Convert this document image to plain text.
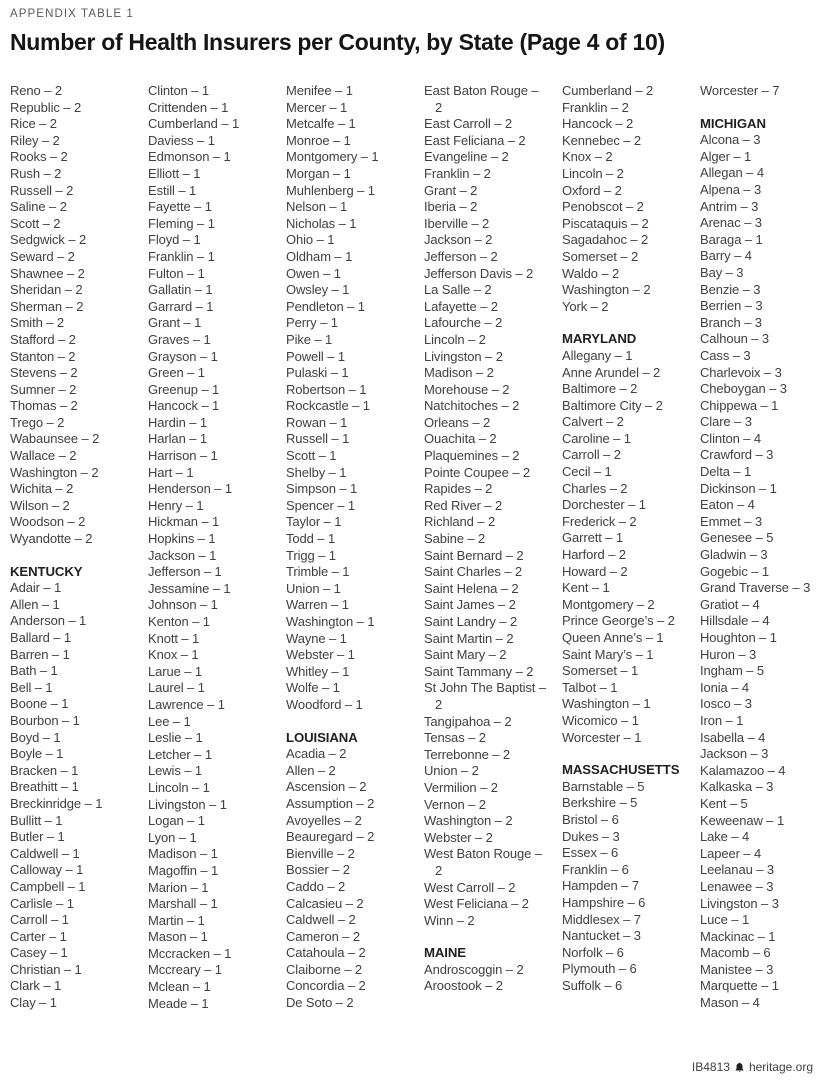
APPENDIX TABLE 1
Number of Health Insurers per County, by State (Page 4 of 10)
Reno – 2
Republic – 2
Rice – 2
Riley – 2
Rooks – 2
Rush – 2
Russell – 2
Saline – 2
Scott – 2
Sedgwick – 2
Seward – 2
Shawnee – 2
Sheridan – 2
Sherman – 2
Smith – 2
Stafford – 2
Stanton – 2
Stevens – 2
Sumner – 2
Thomas – 2
Trego – 2
Wabaunsee – 2
Wallace – 2
Washington – 2
Wichita – 2
Wilson – 2
Woodson – 2
Wyandotte – 2
KENTUCKY
Adair – 1
Allen – 1
Anderson – 1
Ballard – 1
Barren – 1
Bath – 1
Bell – 1
Boone – 1
Bourbon – 1
Boyd – 1
Boyle – 1
Bracken – 1
Breathitt – 1
Breckinridge – 1
Bullitt – 1
Butler – 1
Caldwell – 1
Calloway – 1
Campbell – 1
Carlisle – 1
Carroll – 1
Carter – 1
Casey – 1
Christian – 1
Clark – 1
Clay – 1
Clinton – 1
Crittenden – 1
Cumberland – 1
Daviess – 1
Edmonson – 1
Elliott – 1
Estill – 1
Fayette – 1
Fleming – 1
Floyd – 1
Franklin – 1
Fulton – 1
Gallatin – 1
Garrard – 1
Grant – 1
Graves – 1
Grayson – 1
Green – 1
Greenup – 1
Hancock – 1
Hardin – 1
Harlan – 1
Harrison – 1
Hart – 1
Henderson – 1
Henry – 1
Hickman – 1
Hopkins – 1
Jackson – 1
Jefferson – 1
Jessamine – 1
Johnson – 1
Kenton – 1
Knott – 1
Knox – 1
Larue – 1
Laurel – 1
Lawrence – 1
Lee – 1
Leslie – 1
Letcher – 1
Lewis – 1
Lincoln – 1
Livingston – 1
Logan – 1
Lyon – 1
Madison – 1
Magoffin – 1
Marion – 1
Marshall – 1
Martin – 1
Mason – 1
Mccracken – 1
Mccreary – 1
Mclean – 1
Meade – 1
Menifee – 1
Mercer – 1
Metcalfe – 1
Monroe – 1
Montgomery – 1
Morgan – 1
Muhlenberg – 1
Nelson – 1
Nicholas – 1
Ohio – 1
Oldham – 1
Owen – 1
Owsley – 1
Pendleton – 1
Perry – 1
Pike – 1
Powell – 1
Pulaski – 1
Robertson – 1
Rockcastle – 1
Rowan – 1
Russell – 1
Scott – 1
Shelby – 1
Simpson – 1
Spencer – 1
Taylor – 1
Todd – 1
Trigg – 1
Trimble – 1
Union – 1
Warren – 1
Washington – 1
Wayne – 1
Webster – 1
Whitley – 1
Wolfe – 1
Woodford – 1
LOUISIANA
Acadia – 2
Allen – 2
Ascension – 2
Assumption – 2
Avoyelles – 2
Beauregard – 2
Bienville – 2
Bossier – 2
Caddo – 2
Calcasieu – 2
Caldwell – 2
Cameron – 2
Catahoula – 2
Claiborne – 2
Concordia – 2
De Soto – 2
East Baton Rouge – 2
East Carroll – 2
East Feliciana – 2
Evangeline – 2
Franklin – 2
Grant – 2
Iberia – 2
Iberville – 2
Jackson – 2
Jefferson – 2
Jefferson Davis – 2
La Salle – 2
Lafayette – 2
Lafourche – 2
Lincoln – 2
Livingston – 2
Madison – 2
Morehouse – 2
Natchitoches – 2
Orleans – 2
Ouachita – 2
Plaquemines – 2
Pointe Coupee – 2
Rapides – 2
Red River – 2
Richland – 2
Sabine – 2
Saint Bernard – 2
Saint Charles – 2
Saint Helena – 2
Saint James – 2
Saint Landry – 2
Saint Martin – 2
Saint Mary – 2
Saint Tammany – 2
St John The Baptist – 2
Tangipahoa – 2
Tensas – 2
Terrebonne – 2
Union – 2
Vermilion – 2
Vernon – 2
Washington – 2
Webster – 2
West Baton Rouge – 2
West Carroll – 2
West Feliciana – 2
Winn – 2
MAINE
Androscoggin – 2
Aroostook – 2
Cumberland – 2
Franklin – 2
Hancock – 2
Kennebec – 2
Knox – 2
Lincoln – 2
Oxford – 2
Penobscot – 2
Piscataquis – 2
Sagadahoc – 2
Somerset – 2
Waldo – 2
Washington – 2
York – 2
MARYLAND
Allegany – 1
Anne Arundel – 2
Baltimore – 2
Baltimore City – 2
Calvert – 2
Caroline – 1
Carroll – 2
Cecil – 1
Charles – 2
Dorchester – 1
Frederick – 2
Garrett – 1
Harford – 2
Howard – 2
Kent – 1
Montgomery – 2
Prince George’s – 2
Queen Anne’s – 1
Saint Mary’s – 1
Somerset – 1
Talbot – 1
Washington – 1
Wicomico – 1
Worcester – 1
MASSACHUSETTS
Barnstable – 5
Berkshire – 5
Bristol – 6
Dukes – 3
Essex – 6
Franklin – 6
Hampden – 7
Hampshire – 6
Middlesex – 7
Nantucket – 3
Norfolk – 6
Plymouth – 6
Suffolk – 6
Worcester – 7
MICHIGAN
Alcona – 3
Alger – 1
Allegan – 4
Alpena – 3
Antrim – 3
Arenac – 3
Baraga – 1
Barry – 4
Bay – 3
Benzie – 3
Berrien – 3
Branch – 3
Calhoun – 3
Cass – 3
Charlevoix – 3
Cheboygan – 3
Chippewa – 1
Clare – 3
Clinton – 4
Crawford – 3
Delta – 1
Dickinson – 1
Eaton – 4
Emmet – 3
Genesee – 5
Gladwin – 3
Gogebic – 1
Grand Traverse – 3
Gratiot – 4
Hillsdale – 4
Houghton – 1
Huron – 3
Ingham – 5
Ionia – 4
Iosco – 3
Iron – 1
Isabella – 4
Jackson – 3
Kalamazoo – 4
Kalkaska – 3
Kent – 5
Keweenaw – 1
Lake – 4
Lapeer – 4
Leelanau – 3
Lenawee – 3
Livingston – 3
Luce – 1
Mackinac – 1
Macomb – 6
Manistee – 3
Marquette – 1
Mason – 4
IB4813 heritage.org
